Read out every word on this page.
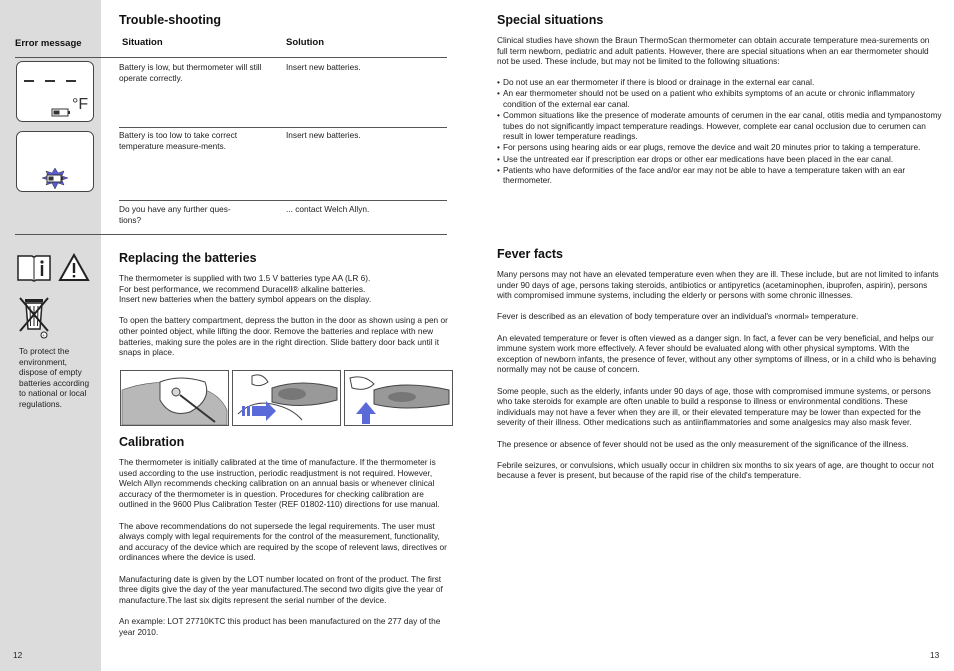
Trouble-shooting
Error message	Situation	Solution
°F
Battery is low, but thermometer will still operate correctly.
Insert new batteries.
Battery is too low to take correct temperature measure-ments.
Insert new batteries.
Do you have any further ques-tions?
... contact Welch Allyn.
+
To protect the environment, dispose of empty batteries according to national or local regulations.
Replacing the batteries

The thermometer is supplied with two 1.5 V batteries type AA (LR 6).

For best performance, we recommend Duracell® alkaline batteries.

Insert new batteries when the battery symbol appears on the display.

To open the battery compartment, depress the button in the door as shown using a pen or other pointed object, while lifting the door. Remove the batteries and replace with new batteries, making sure the poles are in the right direction. Slide battery door back until it snaps in place.

Calibration

The thermometer is initially calibrated at the time of manufacture. If the thermometer is used according to the use instruction, periodic readjustment is not required. However, Welch Allyn recommends checking calibration on an annual basis or whenever clinical accuracy of the thermometer is in question. Procedures for checking calibration are outlined in the 9600 Plus Calibration Tester (REF 01802-110) directions for use manual.

The above recommendations do not supersede the legal requirements. The user must always comply with legal requirements for the control of the measurement, functionality, and accuracy of the device which are required by the scope of relevent laws, directives or ordinances where the device is used.

Manufacturing date is given by the LOT number located on front of the product. The first three digits give the day of the year manufactured.The second two digits give the year of manufacture.The last six digits represent the serial number of the device.

An example: LOT 27710KTC this product has been manufactured on the 277 day of the year 2010.

12
Special situations

Clinical studies have shown the Braun ThermoScan thermometer can obtain accurate temperature mea-surements on full term newborn, pediatric and adult patients. However, there are special situations when an ear thermometer should not be used. These include, but may not be limited to the following situations:

• Do not use an ear thermometer if there is blood or drainage in the external ear canal.
• An ear thermometer should not be used on a patient who exhibits symptoms of an acute or chronic inflammatory condition of the external ear canal.
• Common situations like the presence of moderate amounts of cerumen in the ear canal, otitis media and tympanostomy tubes do not significantly impact temperature readings. However, complete ear canal occlusion due to cerumen can result in lower temperature readings.
• For persons using hearing aids or ear plugs, remove the device and wait 20 minutes prior to taking a temperature.
• Use the untreated ear if prescription ear drops or other ear medications have been placed in the ear canal.
• Patients who have deformities of the face and/or ear may not be able to have a temperature taken with an ear thermometer.
Fever facts

Many persons may not have an elevated temperature even when they are ill. These include, but are not limited to infants under 90 days of age, persons taking steroids, antibiotics or antipyretics (acetaminophen, ibuprofen, aspirin), persons with compromised immune systems, including the elderly or persons with some chronic illnesses.

Fever is described as an elevation of body temperature over an individual's «normal» temperature.

An elevated temperature or fever is often viewed as a danger sign. In fact, a fever can be very beneficial, and helps our

immune system work more effectively. A fever should be evaluated along with other physical symptoms. With the exception of newborn infants, the presence of fever, without any other symptoms of illness, or in a child who is behaving normally may not be cause of concern.

Some people, such as the elderly, infants under 90 days of age, those with compromised immune systems, or persons who take steroids for example are often unable to build a response to illness or environmental conditions. These individuals may not have a fever when they are ill, or their elevated temperature may be lower than expected for the severity of their illness. Other medications such as antiinflammatories and some analgesics may also mask fever.

The presence or absence of fever should not be used as the only measurement of the significance of the illness.

Febrile seizures, or convulsions, which usually occur in children six months to six years of age, are thought to occur not because a fever is present, but because of the rapid rise of the child's temperature.

13
